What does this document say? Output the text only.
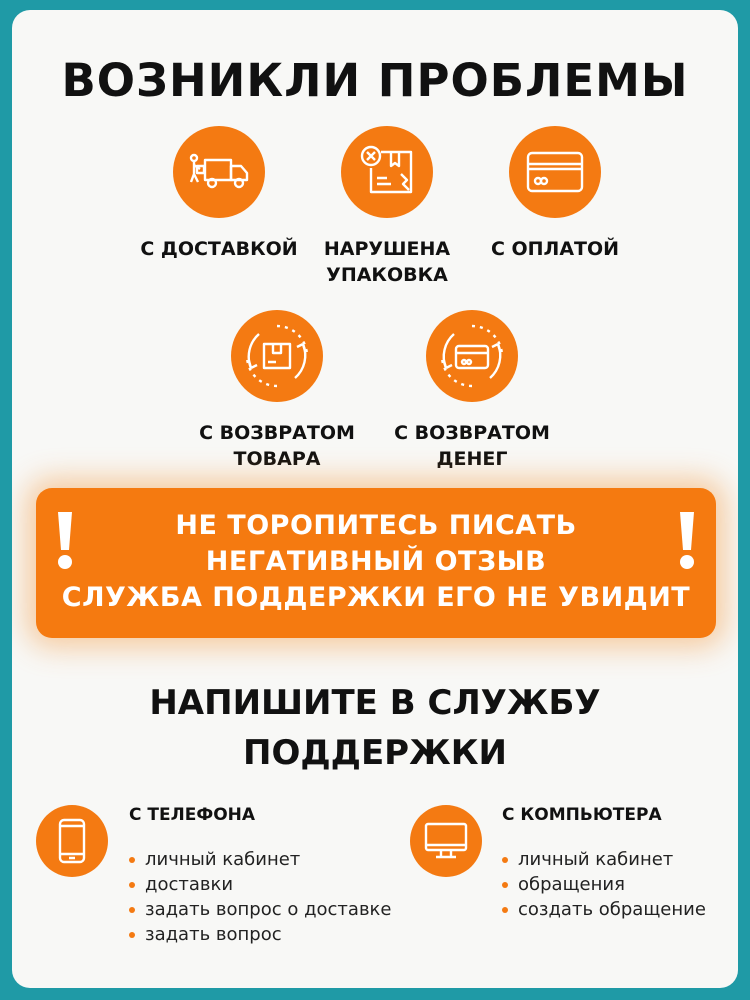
ВОЗНИКЛИ ПРОБЛЕМЫ
С ДОСТАВКОЙ	НАРУШЕНА
УПАКОВКА
С ОПЛАТОЙ
С ВОЗВРАТОМ
ТОВАРА
С ВОЗВРАТОМ
ДЕНЕГ
НЕ ТОРОПИТЕСЬ ПИСАТЬ
НЕГАТИВНЫЙ ОТЗЫВ
СЛУЖБА ПОДДЕРЖКИ ЕГО НЕ УВИДИТ
НАПИШИТЕ В СЛУЖБУ
ПОДДЕРЖКИ
С ТЕЛЕФОНА
личный кабинет
доставки
задать вопрос о доставке
задать вопрос
С КОМПЬЮТЕРА
личный кабинет
обращения
создать обращение
